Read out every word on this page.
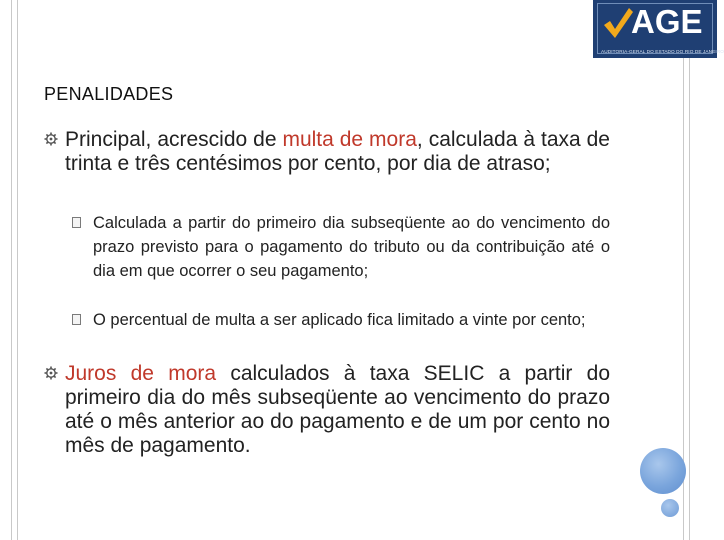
AGE
AUDITORIA-GERAL DO ESTADO DO RIO DE JANEIRO
PENALIDADES
Principal, acrescido de multa de mora, calculada à taxa de trinta e três centésimos por cento, por dia de atraso;
Calculada a partir do primeiro dia subseqüente ao do vencimento do prazo previsto para o pagamento do tributo ou da contribuição até o dia em que ocorrer o seu pagamento;
O percentual de multa a ser aplicado fica limitado a vinte por cento;
Juros de mora calculados à taxa SELIC a partir do primeiro dia do mês subseqüente ao vencimento do prazo até o mês anterior ao do pagamento e de um por cento no mês de pagamento.
